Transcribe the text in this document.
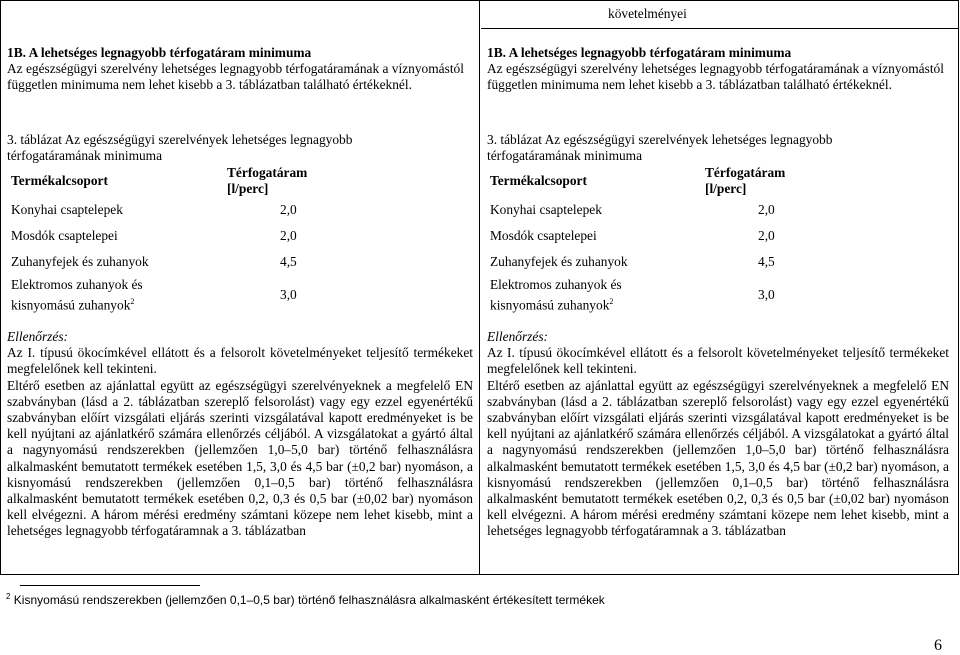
1B. A lehetséges legnagyobb térfogatáram minimuma

Az egészségügyi szerelvény lehetséges legnagyobb térfogatáramának a víznyomástól független minimuma nem lehet kisebb a 3. táblázatban található értékeknél.

3. táblázat Az egészségügyi szerelvények lehetséges legnagyobb térfogatáramának minimuma

Termékalcsoport	Térfogatáram [l/perc]
Konyhai csaptelepek	2,0
Mosdók csaptelepei	2,0
Zuhanyfejek és zuhanyok	4,5
Elektromos zuhanyok és kisnyomású zuhanyok$^2$	3,0

Ellenőrzés:

Az I. típusú ökocímkével ellátott és a felsorolt követelményeket teljesítő termékeket megfelelőnek kell tekinteni.

Eltérő esetben az ajánlattal együtt az egészségügyi szerelvényeknek a megfelelő EN szabványban (lásd a 2. táblázatban szereplő felsorolást) vagy egy ezzel egyenértékű szabványban előírt vizsgálati eljárás szerinti vizsgálatával kapott eredményeket is be kell nyújtani az ajánlatkérő számára ellenőrzés céljából. A vizsgálatokat a gyártó által a nagynyomású rendszerekben (jellemzően 1,0–5,0 bar) történő felhasználásra alkalmasként bemutatott termékek esetében 1,5, 3,0 és 4,5 bar (±0,2 bar) nyomáson, a kisnyomású rendszerekben (jellemzően 0,1–0,5 bar) történő felhasználásra alkalmasként bemutatott termékek esetében 0,2, 0,3 és 0,5 bar (±0,02 bar) nyomáson kell elvégezni. A három mérési eredmény számtani közepe nem lehet kisebb, mint a lehetséges legnagyobb térfogatáramnak a 3. táblázatban

követelményei

1B. A lehetséges legnagyobb térfogatáram minimuma

Az egészségügyi szerelvény lehetséges legnagyobb térfogatáramának a víznyomástól független minimuma nem lehet kisebb a 3. táblázatban található értékeknél.

3. táblázat Az egészségügyi szerelvények lehetséges legnagyobb térfogatáramának minimuma

Termékalcsoport	Térfogatáram [l/perc]
Konyhai csaptelepek	2,0
Mosdók csaptelepei	2,0
Zuhanyfejek és zuhanyok	4,5
Elektromos zuhanyok és kisnyomású zuhanyok$^2$	3,0

Ellenőrzés:

Az I. típusú ökocímkével ellátott és a felsorolt követelményeket teljesítő termékeket megfelelőnek kell tekinteni.

Eltérő esetben az ajánlattal együtt az egészségügyi szerelvényeknek a megfelelő EN szabványban (lásd a 2. táblázatban szereplő felsorolást) vagy egy ezzel egyenértékű szabványban előírt vizsgálati eljárás szerinti vizsgálatával kapott eredményeket is be kell nyújtani az ajánlatkérő számára ellenőrzés céljából. A vizsgálatokat a gyártó által a nagynyomású rendszerekben (jellemzően 1,0–5,0 bar) történő felhasználásra alkalmasként bemutatott termékek esetében 1,5, 3,0 és 4,5 bar (±0,2 bar) nyomáson, a kisnyomású rendszerekben (jellemzően 0,1–0,5 bar) történő felhasználásra alkalmasként bemutatott termékek esetében 0,2, 0,3 és 0,5 bar (±0,02 bar) nyomáson kell elvégezni. A három mérési eredmény számtani közepe nem lehet kisebb, mint a lehetséges legnagyobb térfogatáramnak a 3. táblázatban

$^2$ Kisnyomású rendszerekben (jellemzően 0,1–0,5 bar) történő felhasználásra alkalmasként értékesített termékek
6
